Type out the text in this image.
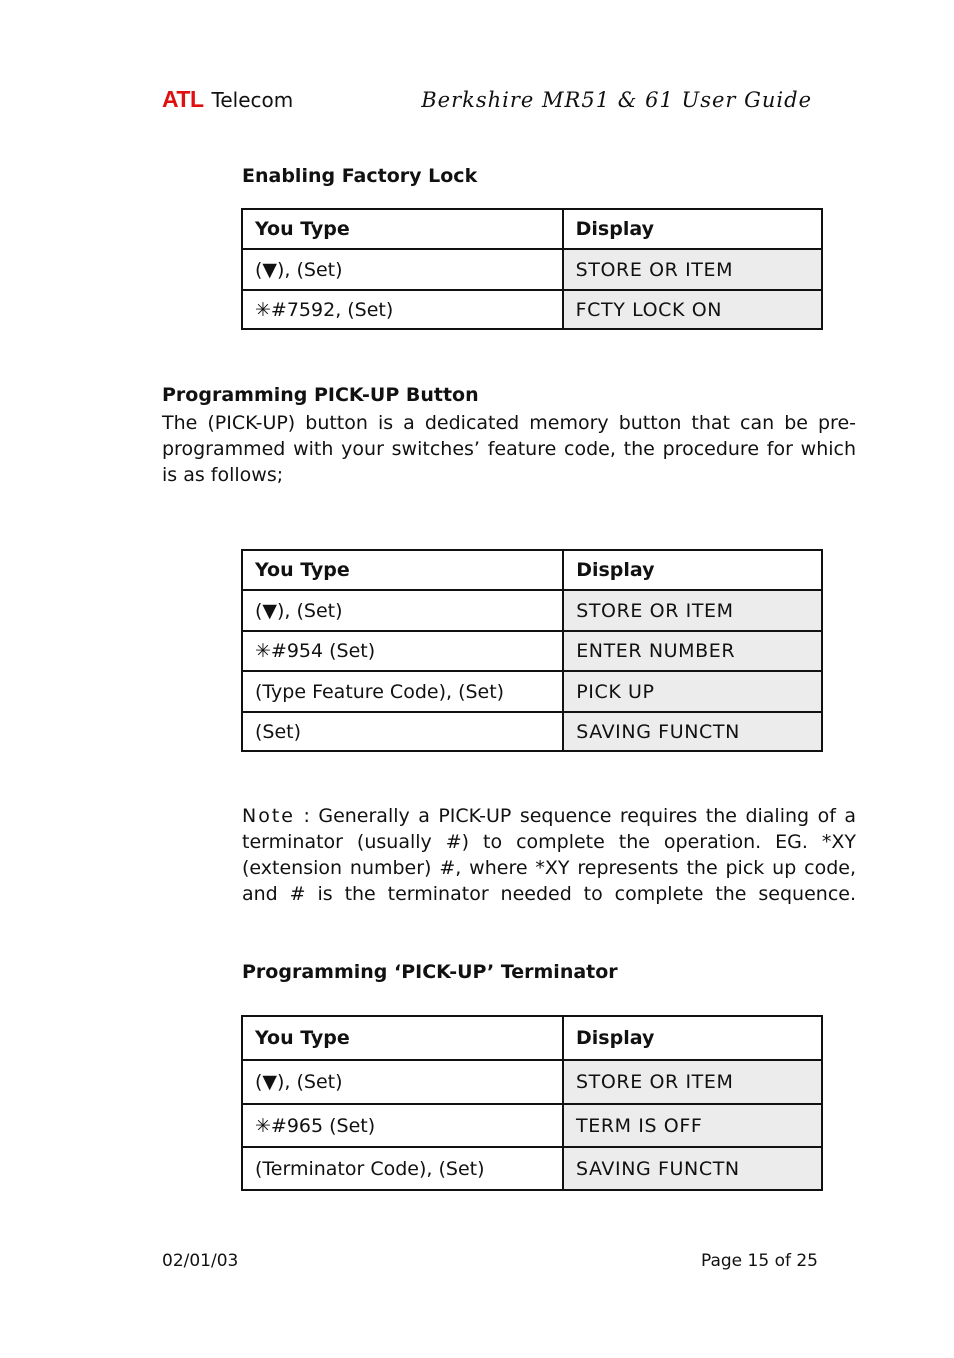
ATL Telecom	Berkshire MR51 & 61 User Guide
Enabling Factory Lock
You Type	Display
(▼), (Set)	STORE OR ITEM
✳#7592, (Set)	FCTY LOCK ON
Programming PICK-UP Button
The (PICK-UP) button is a dedicated memory button that can be pre-
programmed with your switches’ feature code, the procedure for which
is as follows;
You Type	Display
(▼), (Set)	STORE OR ITEM
✳#954 (Set)	ENTER NUMBER
(Type Feature Code), (Set)	PICK UP
(Set)	SAVING FUNCTN
Note : Generally a PICK-UP sequence requires the dialing of a
terminator (usually #) to complete the operation. EG. *XY
(extension number) #, where *XY represents the pick up code,
and # is the terminator needed to complete the sequence.
Programming ‘PICK-UP’ Terminator
You Type	Display
(▼), (Set)	STORE OR ITEM
✳#965 (Set)	TERM IS OFF
(Terminator Code), (Set)	SAVING FUNCTN
02/01/03	Page 15 of 25
